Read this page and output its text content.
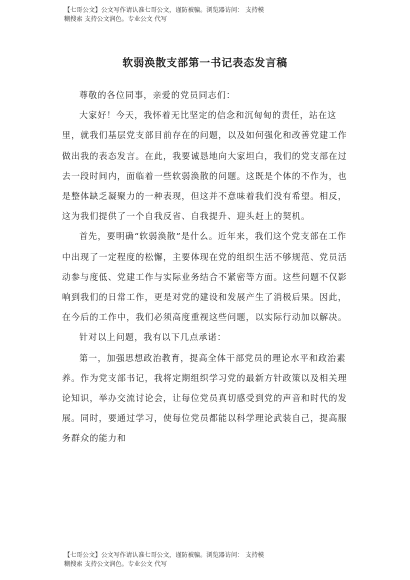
【七哥公文】公文写作请认准七哥公文，谨防被骗。浏览器访问： 支持模
糊搜索 支持公文润色。专业公文 代写
软弱涣散支部第一书记表态发言稿

尊敬的各位同事，亲爱的党员同志们：

大家好！今天，我怀着无比坚定的信念和沉甸甸的责任，站在这里，就我们基层党支部目前存在的问题，以及如何强化和改善党建工作做出我的表态发言。在此，我要诚恳地向大家坦白，我们的党支部在过去一段时间内，面临着一些软弱涣散的问题。这既是个体的不作为，也是整体缺乏凝聚力的一种表现，但这并不意味着我们没有希望。相反，这为我们提供了一个自我反省、自我提升、迎头赶上的契机。

首先，要明确“软弱涣散”是什么。近年来，我们这个党支部在工作中出现了一定程度的松懈，主要体现在党的组织生活不够规范、党员活动参与度低、党建工作与实际业务结合不紧密等方面。这些问题不仅影响到我们的日常工作，更是对党的建设和发展产生了消极后果。因此，在今后的工作中，我们必须高度重视这些问题，以实际行动加以解决。

针对以上问题，我有以下几点承诺：

第一，加强思想政治教育，提高全体干部党员的理论水平和政治素养。作为党支部书记，我将定期组织学习党的最新方针政策以及相关理论知识，举办交流讨论会，让每位党员真切感受到党的声音和时代的发展。同时，要通过学习，使每位党员都能以科学理论武装自己，提高服务群众的能力和

【七哥公文】公文写作请认准七哥公文，谨防被骗。浏览器访问： 支持模
糊搜索 支持公文润色。专业公文 代写
